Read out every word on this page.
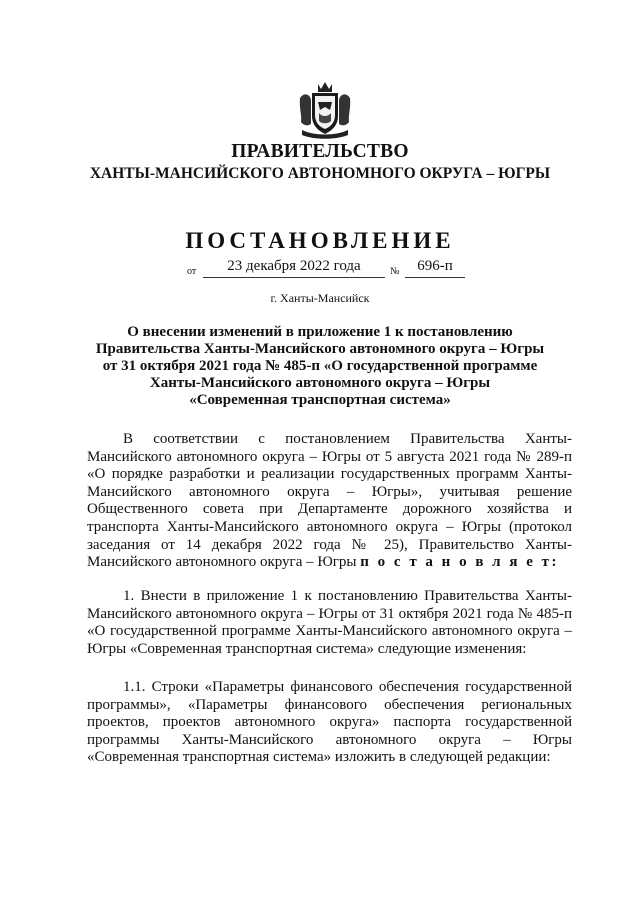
ПРАВИТЕЛЬСТВО
ХАНТЫ-МАНСИЙСКОГО АВТОНОМНОГО ОКРУГА – ЮГРЫ
ПОСТАНОВЛЕНИЕ
от	23 декабря 2022 года	№	696-п
г. Ханты-Мансийск
О внесении изменений в приложение 1 к постановлению
Правительства Ханты-Мансийского автономного округа – Югры
от 31 октября 2021 года № 485-п «О государственной программе
Ханты-Мансийского автономного округа – Югры
«Современная транспортная система»
В соответствии с постановлением Правительства Ханты-Мансийского автономного округа – Югры от 5 августа 2021 года № 289-п «О порядке разработки и реализации государственных программ Ханты-Мансийского автономного округа – Югры», учитывая решение Общественного совета при Департаменте дорожного хозяйства и транспорта Ханты-Мансийского автономного округа – Югры (протокол заседания от 14 декабря 2022 года № 25), Правительство Ханты-Мансийского автономного округа – Югры п о с т а н о в л я е т:
1. Внести в приложение 1 к постановлению Правительства Ханты-Мансийского автономного округа – Югры от 31 октября 2021 года № 485-п «О государственной программе Ханты-Мансийского автономного округа – Югры «Современная транспортная система» следующие изменения:
1.1. Строки «Параметры финансового обеспечения государственной программы», «Параметры финансового обеспечения региональных проектов, проектов автономного округа» паспорта государственной программы Ханты-Мансийского автономного округа – Югры «Современная транспортная система» изложить в следующей редакции:
